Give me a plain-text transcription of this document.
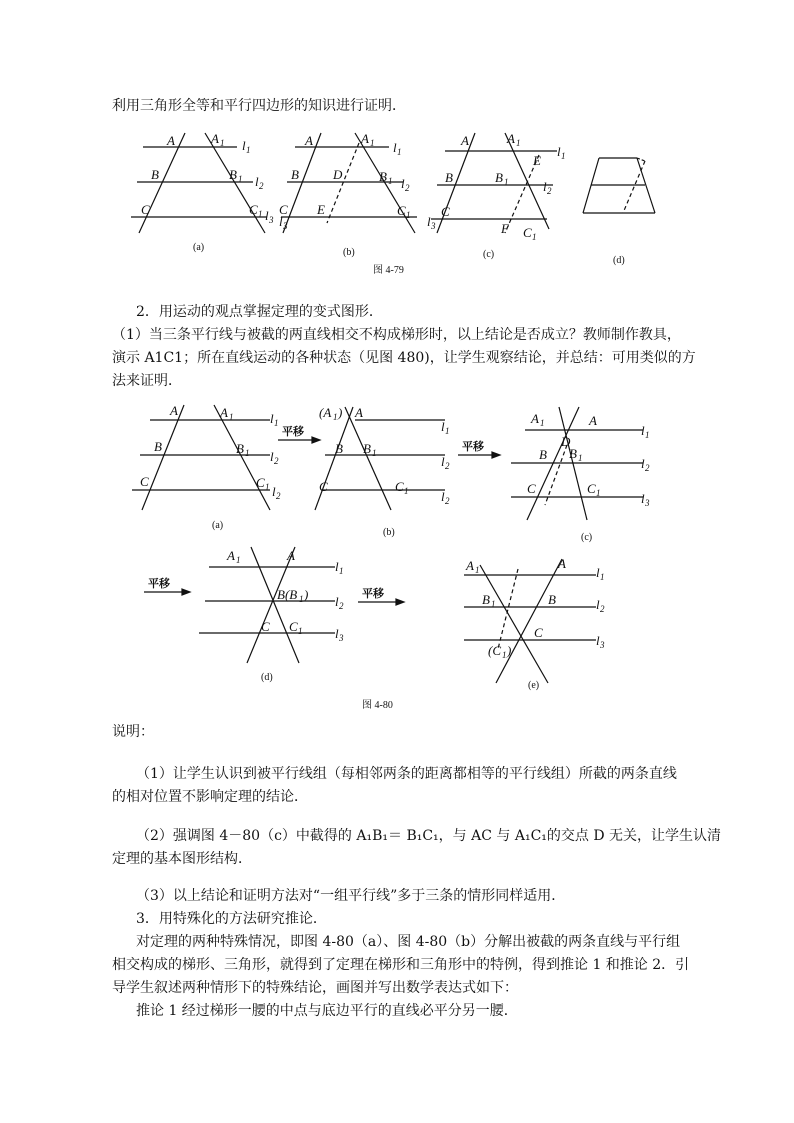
利用三角形全等和平行四边形的知识进行证明．

A	A 1 l 1
B	B 1 l 2
C	C 1 l 3
(a)
A	A 1 l 1
B	D	B 1 l 2
C E	C 1
l 3
(b)
A	A 1
E
l 1
B	B 1	l 2
C
l 3	F C 1
(c)
(d)
图 4-79

2．用运动的观点掌握定理的变式图形．

（1）当三条平行线与被截的两直线相交不构成梯形时，以上结论是否成立？教师制作教具，

演示 A1C1；所在直线运动的各种状态（见图 480)，让学生观察结论，并总结：可用类似的方

法来证明．

A	A 1	l 1
B	B 1 l 2
C	C 1 l 2
(a)
平移
(A 1 ) A
l 1
B B 1
l 2
C	C 1	l 2
(b)
平移
A 1	A
l 1
D
B B 1	l 2
C	C 1	l 3
(c)
平移
A 1	A
l 1
B(B 1 ) l 2
C C 1	l 3
(d)
平移
A 1	A
l 1
B 1	B	l 2
C
l 3
(C 1 )
(e)
图 4-80

说明：

（1）让学生认识到被平行线组（每相邻两条的距离都相等的平行线组）所截的两条直线

的相对位置不影响定理的结论．

（2）强调图 4－80（c）中截得的 A₁B₁＝ B₁C₁，与 AC 与 A₁C₁的交点 D 无关，让学生认清

定理的基本图形结构．

（3）以上结论和证明方法对“一组平行线”多于三条的情形同样适用．

3．用特殊化的方法研究推论．

对定理的两种特殊情况，即图 4-80（a）、图 4-80（b）分解出被截的两条直线与平行组

相交构成的梯形、三角形，就得到了定理在梯形和三角形中的特例，得到推论 1 和推论 2．引

导学生叙述两种情形下的特殊结论，画图并写出数学表达式如下：

推论 1 经过梯形一腰的中点与底边平行的直线必平分另一腰．
